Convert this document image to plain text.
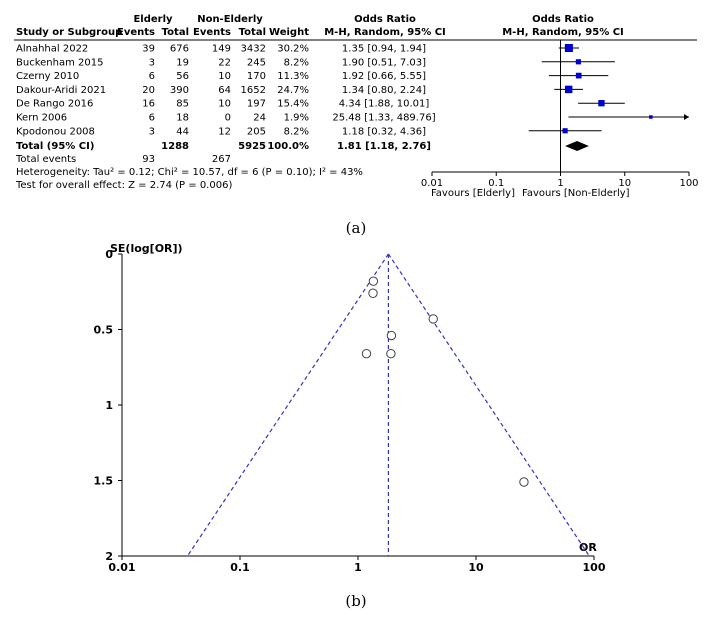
Elderly Non-Elderly	Odds Ratio	Odds Ratio
Study or Subgroup
Events Total Events Total Weight M-H, Random, 95% CI	M-H, Random, 95% CI
Alnahhal 2022	39 676 149 3432 30.2%	1.35 [0.94, 1.94]
Buckenham 2015	3 19	22 245 8.2%	1.90 [0.51, 7.03]
Czerny 2010	6 56	10 170 11.3%	1.92 [0.66, 5.55]
Dakour-Aridi 2021	20 390	64 1652 24.7%	1.34 [0.80, 2.24]
De Rango 2016	16 85	10 197 15.4%	4.34 [1.88, 10.01]
Kern 2006	6 18	0 24 1.9% 25.48 [1.33, 489.76]
Kpodonou 2008	3 44	12 205 8.2%	1.18 [0.32, 4.36]
Total (95% CI)	1288	5925 100.0%	1.81 [1.18, 2.76]
Total events	93	267
Heterogeneity: Tau² = 0.12; Chi² = 10.57, df = 6 (P = 0.10); I² = 43%
Test for overall effect: Z = 2.74 (P = 0.006)	0.01	0.1	1	10	100
Favours [Elderly] Favours [Non-Elderly]
(a)
0
0.5
1
1.5
2
0.01	0.1	1	10	100
SE(log[OR])
OR
(b)
